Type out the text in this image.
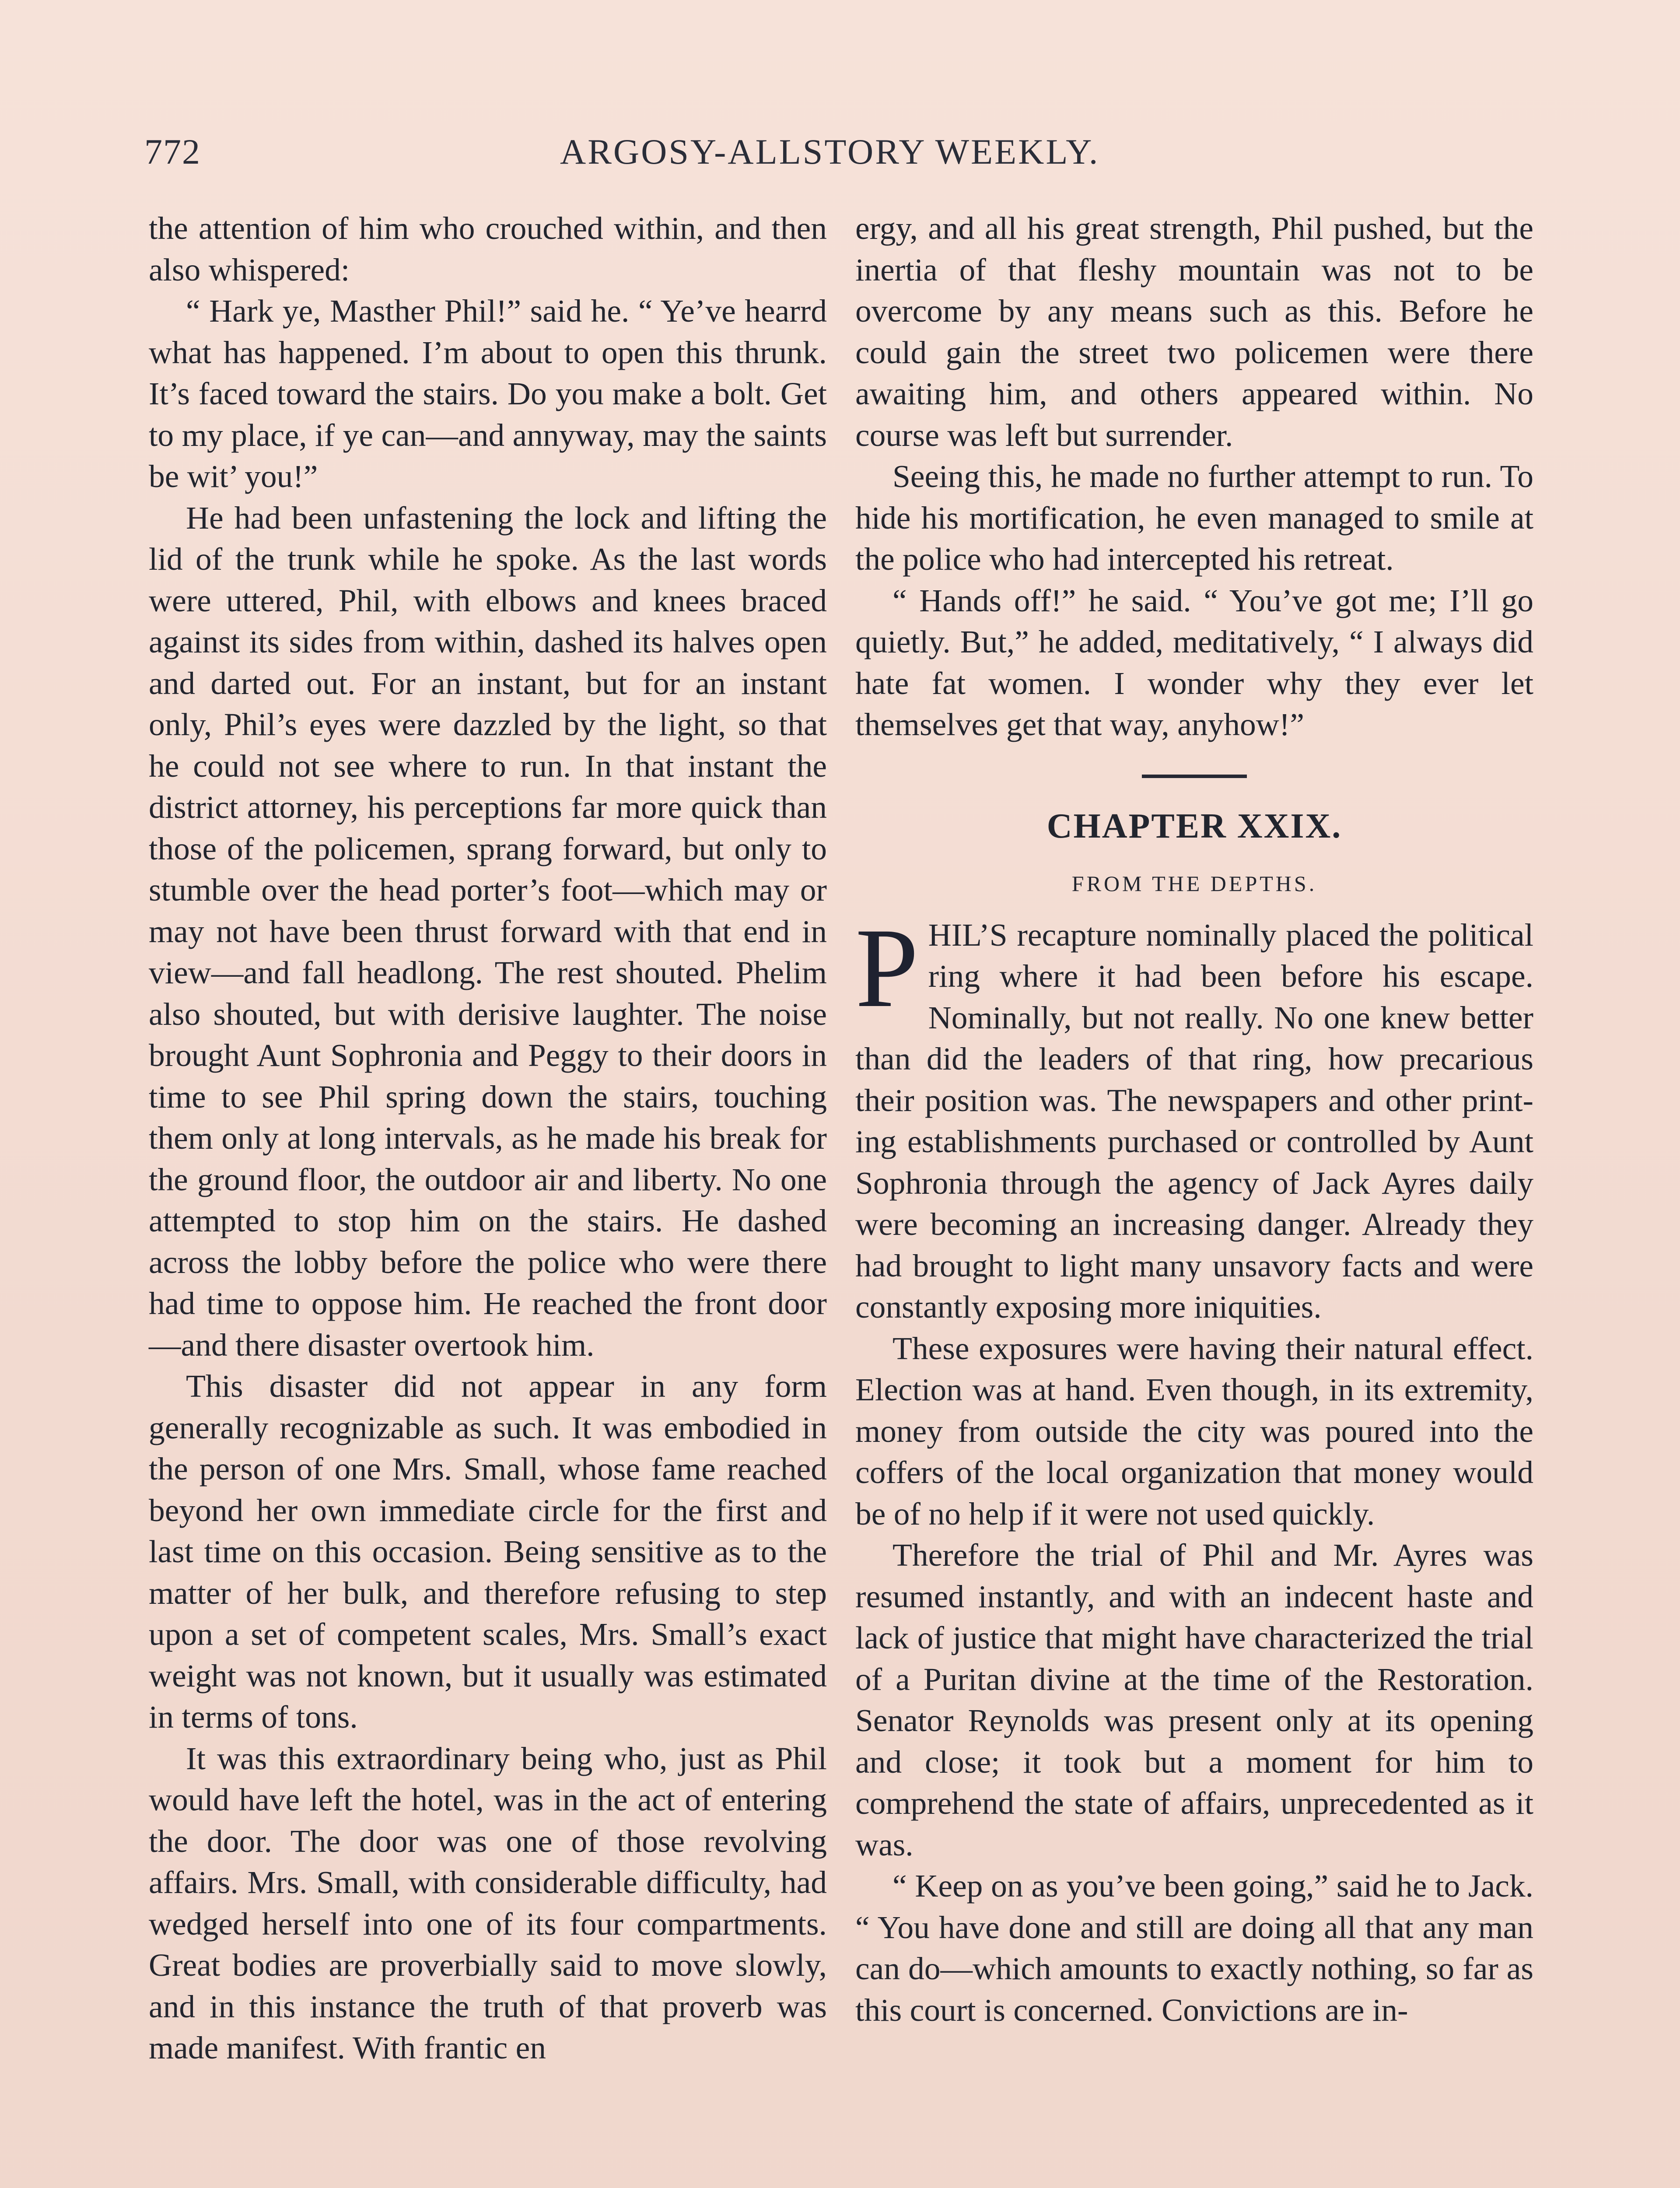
772	ARGOSY-ALLSTORY WEEKLY.

the attention of him who crouched within, and then also whispered:

“ Hark ye, Masther Phil!” said he. “ Ye’ve hearrd what has happened. I’m about to open this thrunk. It’s faced toward the stairs. Do you make a bolt. Get to my place, if ye can—and annyway, may the saints be wit’ you!”

He had been unfastening the lock and lifting the lid of the trunk while he spoke. As the last words were uttered, Phil, with elbows and knees braced against its sides from within, dashed its halves open and darted out. For an instant, but for an instant only, Phil’s eyes were dazzled by the light, so that he could not see where to run. In that instant the district attorney, his perceptions far more quick than those of the policemen, sprang forward, but only to stumble over the head porter’s foot—which may or may not have been thrust forward with that end in view—and fall headlong. The rest shouted. Phelim also shouted, but with derisive laughter. The noise brought Aunt Sophronia and Peggy to their doors in time to see Phil spring down the stairs, touching them only at long intervals, as he made his break for the ground floor, the outdoor air and liberty. No one attempted to stop him on the stairs. He dashed across the lobby before the police who were there had time to oppose him. He reached the front door—and there disaster overtook him.

This disaster did not appear in any form generally recognizable as such. It was embodied in the person of one Mrs. Small, whose fame reached beyond her own immediate circle for the first and last time on this occasion. Being sensitive as to the matter of her bulk, and therefore refusing to step upon a set of competent scales, Mrs. Small’s exact weight was not known, but it usually was estimated in terms of tons.

It was this extraordinary being who, just as Phil would have left the hotel, was in the act of entering the door. The door was one of those revolving affairs. Mrs. Small, with considerable difficulty, had wedged herself into one of its four compartments. Great bodies are proverbially said to move slowly, and in this instance the truth of that proverb was made manifest. With frantic en

ergy, and all his great strength, Phil pushed, but the inertia of that fleshy mountain was not to be overcome by any means such as this. Before he could gain the street two policemen were there awaiting him, and others appeared within. No course was left but surrender.

Seeing this, he made no further attempt to run. To hide his mortification, he even managed to smile at the police who had intercepted his retreat.

“ Hands off!” he said. “ You’ve got me; I’ll go quietly. But,” he added, meditatively, “ I always did hate fat women. I wonder why they ever let themselves get that way, anyhow!”

CHAPTER XXIX.
FROM THE DEPTHS.

PHIL’S recapture nominally placed the political ring where it had been before his escape. Nominally, but not really. No one knew better than did the leaders of that ring, how precarious their position was. The newspapers and other printing establishments purchased or controlled by Aunt Sophronia through the agency of Jack Ayres daily were becoming an increasing danger. Already they had brought to light many unsavory facts and were constantly exposing more iniquities.

These exposures were having their natural effect. Election was at hand. Even though, in its extremity, money from outside the city was poured into the coffers of the local organization that money would be of no help if it were not used quickly.

Therefore the trial of Phil and Mr. Ayres was resumed instantly, and with an indecent haste and lack of justice that might have characterized the trial of a Puritan divine at the time of the Restoration. Senator Reynolds was present only at its opening and close; it took but a moment for him to comprehend the state of affairs, unprecedented as it was.

“ Keep on as you’ve been going,” said he to Jack. “ You have done and still are doing all that any man can do—which amounts to exactly nothing, so far as this court is concerned. Convictions are in-
